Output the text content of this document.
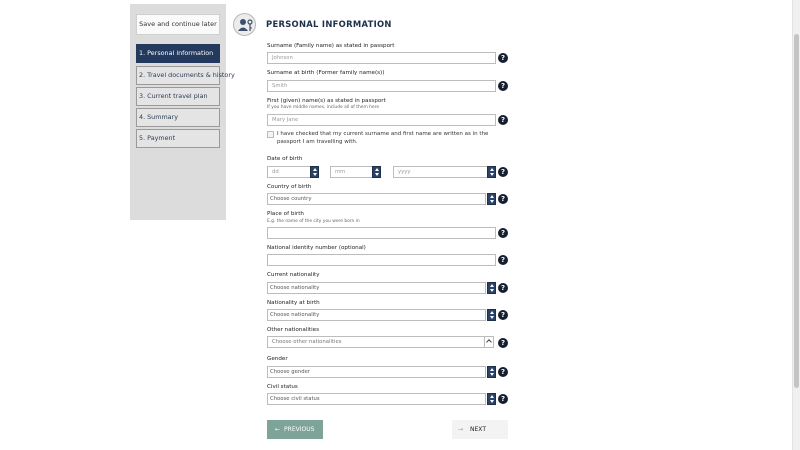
Save and continue later
1. Personal information
2. Travel documents & history
3. Current travel plan
4. Summary
5. Payment
PERSONAL INFORMATION
Surname (Family name) as stated in passport
Johnson	?
Surname at birth (Former family name(s))
Smith	?
First (given) name(s) as stated in passport
If you have middle names, include all of them here
Mary Jane	?
I have checked that my current surname and first name are written as in the passport I am travelling with.
Date of birth
dd	mm	yyyy	?
Country of birth
Choose country	?
Place of birth
E.g. the name of the city you were born in
?
National identity number (optional)
?
Current nationality
Choose nationality	?
Nationality at birth
Choose nationality	?
Other nationalities
Choose other nationalities	?
Gender
Choose gender	?
Civil status
Choose civil status	?
← PREVIOUS	→ NEXT
